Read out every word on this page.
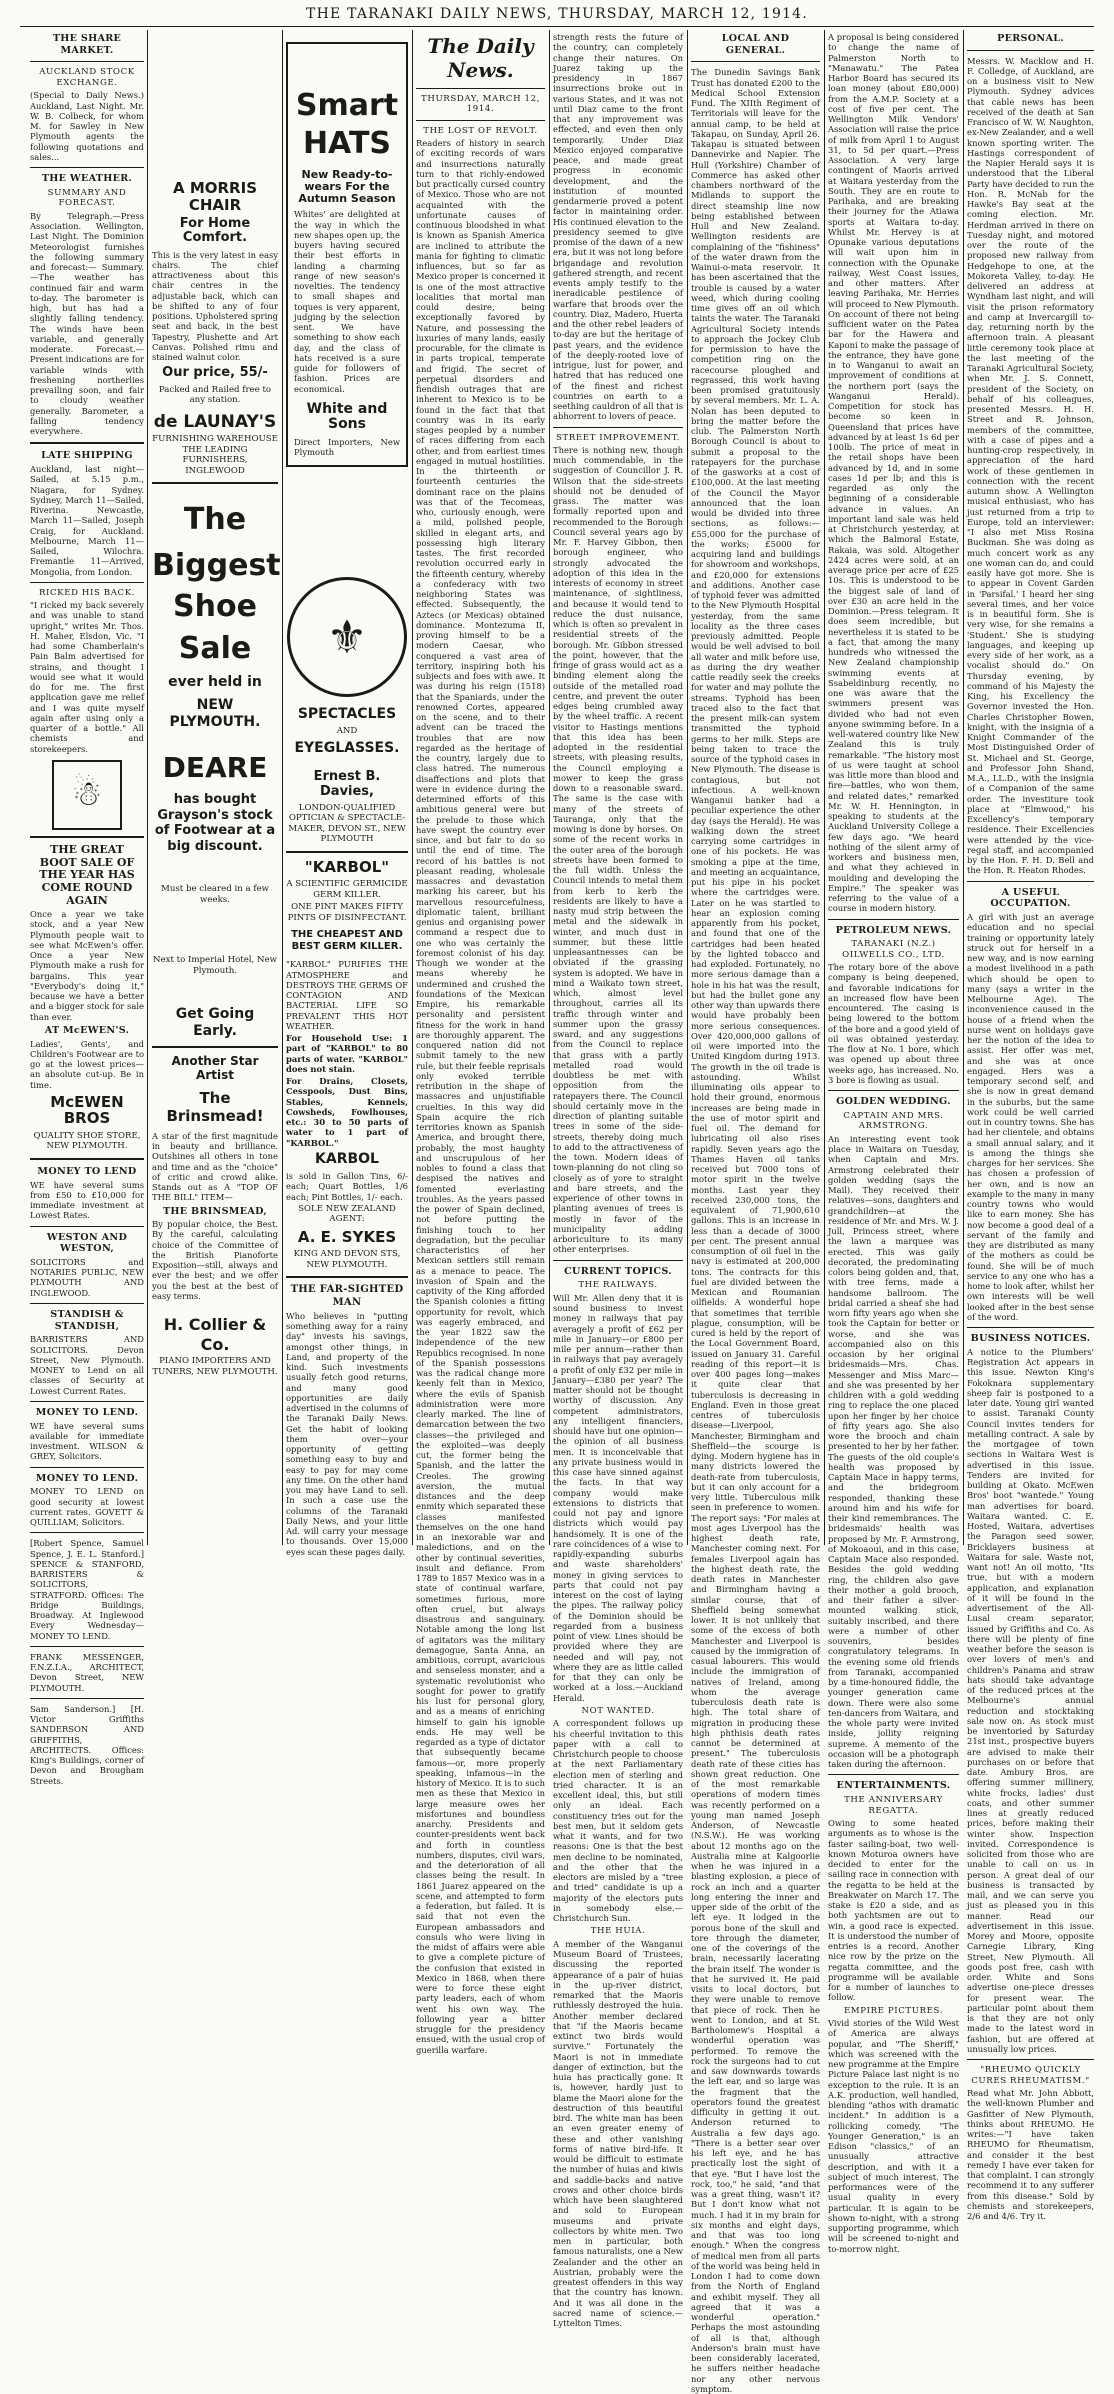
THE TARANAKI DAILY NEWS, THURSDAY, MARCH 12, 1914.
THE SHARE MARKET.
AUCKLAND STOCK EXCHANGE.

(Special to Daily News.) Auckland, Last Night. Mr. W. B. Colbeck, for whom M. for Sawley in New Plymouth agents the following quotations and sales...

THE WEATHER.
SUMMARY AND FORECAST.

By Telegraph.—Press Association. Wellington, Last Night. The Dominion Meteorologist furnishes the following summary and forecast:— Summary.—The weather has continued fair and warm to-day. The barometer is high, but has had a slightly falling tendency. The winds have been variable, and generally moderate. Forecast.—Present indications are for variable winds with freshening northerlies prevailing soon, and fair to cloudy weather generally. Barometer, a falling tendency everywhere.

LATE SHIPPING

Auckland, last night—Sailed, at 5.15 p.m., Niagara, for Sydney. Sydney, March 11—Sailed, Riverina. Newcastle, March 11—Sailed, Joseph Craig, for Auckland. Melbourne, March 11—Sailed, Wilochra. Fremantle 11—Arrived, Mongolia, from London.

RICKED HIS BACK.

"I ricked my back severely and was unable to stand upright," writes Mr. Thos. H. Maher, Elsdon, Vic. "I had some Chamberlain's Pain Balm advertised for strains, and thought I would see what it would do for me. The first application gave me relief and I was quite myself again after using only a quarter of a bottle." All chemists and storekeepers.

☃

THE GREAT BOOT SALE OF THE YEAR HAS COME ROUND AGAIN

Once a year we take stock, and a year New Plymouth people wait to see what McEwen's offer. Once a year New Plymouth make a rush for bargains. This year "Everybody's doing it," because we have a better and a bigger stock for sale than ever.

AT McEWEN'S.

Ladies', Gents', and Children's Footwear are to go at the lowest prices—an absolute cut-up. Be in time.

McEWEN BROS

QUALITY SHOE STORE, NEW PLYMOUTH.

MONEY TO LEND

WE have several sums from £50 to £10,000 for immediate investment at Lowest Rates.

WESTON AND WESTON,

SOLICITORS and NOTARIES PUBLIC, NEW PLYMOUTH AND INGLEWOOD.

STANDISH & STANDISH,

BARRISTERS AND SOLICITORS. Devon Street, New Plymouth. MONEY to Lend on all classes of Security at Lowest Current Rates.

MONEY TO LEND.

WE have several sums available for immediate investment. WILSON & GREY, Solicitors.

MONEY TO LEND.

MONEY TO LEND on good security at lowest current rates. GOVETT & QUILLIAM, Solicitors.

[Robert Spence, Samuel Spence, J. E. L. Stanford.] SPENCE & STANFORD, BARRISTERS & SOLICITORS, STRATFORD. Offices: The Bridge Buildings, Broadway. At Inglewood Every Wednesday— MONEY TO LEND.

FRANK MESSENGER, F.N.Z.I.A., ARCHITECT, Devon Street, NEW PLYMOUTH.

Sam Sanderson.] [H. Victor Griffiths SANDERSON AND GRIFFITHS, ARCHITECTS. Offices: King's Buildings, corner of Devon and Brougham Streets.

A MORRIS CHAIR

For Home Comfort.

This is the very latest in easy chairs. The chief attractiveness about this chair centres in the adjustable back, which can be shifted to any of four positions. Upholstered spring seat and back, in the best Tapestry, Plushette and Art Canvas. Polished rimu and stained walnut color.

Our price, 55/-

Packed and Railed free to any station.

de LAUNAY'S

FURNISHING WAREHOUSE THE LEADING FURNISHERS, INGLEWOOD

The

Biggest

Shoe

Sale

ever held in

NEW PLYMOUTH.

DEARE

has bought Grayson's stock of Footwear at a big discount.

Must be cleared in a few weeks.

Next to Imperial Hotel, New Plymouth.

Get Going Early.

Another Star Artist

The Brinsmead!

A star of the first magnitude in beauty and brilliance. Outshines all others in tone and time and as the "choice" of critic and crowd alike. Stands out as A "TOP OF THE BILL" ITEM—

THE BRINSMEAD,

By popular choice, the Best. By the careful, calculating choice of the Committee of the British Pianoforte Exposition—still, always and ever the best; and we offer you the best at the best of easy terms.

H. Collier & Co.

PIANO IMPORTERS AND TUNERS, NEW PLYMOUTH.

Smart

HATS

New Ready-to-wears For the Autumn Season

Whites' are delighted at the way in which the new shapes open up, the buyers having secured their best efforts in landing a charming range of new season's novelties. The tendency to small shapes and toques is very apparent, judging by the selection sent. We have something to show each day, and the class of hats received is a sure guide for followers of fashion. Prices are economical.

White and Sons

Direct Importers, New Plymouth

⚜

SPECTACLES

AND

EYEGLASSES.

Ernest B. Davies,

LONDON-QUALIFIED OPTICIAN & SPECTACLE-MAKER, DEVON ST., NEW PLYMOUTH

"KARBOL"

A SCIENTIFIC GERMICIDE GERM KILLER.

ONE PINT MAKES FIFTY PINTS OF DISINFECTANT.

THE CHEAPEST AND BEST GERM KILLER.

"KARBOL" PURIFIES THE ATMOSPHERE and DESTROYS THE GERMS OF CONTAGION AND BACTERIAL LIFE SO PREVALENT THIS HOT WEATHER.

For Household Use: 1 part of "KARBOL" to 80 parts of water. "KARBOL" does not stain.

For Drains, Closets, Cesspools, Dust Bins, Stables, Kennels, Cowsheds, Fowlhouses, etc.: 30 to 50 parts of water to 1 part of "KARBOL."

KARBOL

is sold in Gallon Tins, 6/- each; Quart Bottles, 1/6 each; Pint Bottles, 1/- each.

SOLE NEW ZEALAND AGENT:

A. E. SYKES

KING AND DEVON STS, NEW PLYMOUTH.

THE FAR-SIGHTED MAN

Who believes in "putting something away for a rainy day" invests his savings, amongst other things, in Land, and property of the kind. Such investments usually fetch good returns, and many good opportunities are daily advertised in the columns of the Taranaki Daily News. Get the habit of looking them over—your opportunity of getting something easy to buy and easy to pay for may come any time. On the other hand you may have Land to sell. In such a case use the columns of the Taranaki Daily News, and your little Ad. will carry your message to thousands. Over 15,000 eyes scan these pages daily.

The Daily News.

THURSDAY, MARCH 12, 1914.
THE LOST OF REVOLT.

Readers of history in search of exciting records of wars and insurrections naturally turn to that richly-endowed but practically cursed country of Mexico. Those who are not acquainted with the unfortunate causes of continuous bloodshed in what is known as Spanish America are inclined to attribute the mania for fighting to climatic influences, but so far as Mexico proper is concerned it is one of the most attractive localities that mortal man could desire, being exceptionally favored by Nature, and possessing the luxuries of many lands, easily procurable, for the climate is in parts tropical, temperate and frigid. The secret of perpetual disorders and fiendish outrages that are inherent to Mexico is to be found in the fact that that country was in its early stages peopled by a number of races differing from each other, and from earliest times engaged in mutual hostilities. In the thirteenth or fourteenth centuries the dominant race on the plains was that of the Tecomeas, who, curiously enough, were a mild, polished people, skilled in elegant arts, and possessing high literary tastes. The first recorded revolution occurred early in the fifteenth century, whereby a confederacy with two neighboring States was effected. Subsequently, the Aztecs (or Mexicas) obtained dominance. Montezuma II, proving himself to be a modern Caesar, who conquered a vast area of territory, inspiring both his subjects and foes with awe. It was during his reign (1518) that the Spaniards, under the renowned Cortes, appeared on the scene, and to their advent can be traced the troubles that are now regarded as the heritage of the country, largely due to class hatred. The numerous disaffections and plots that were in evidence during the determined efforts of this ambitious general were but the prelude to those which have swept the country ever since, and but fair to do so until the end of time. The record of his battles is not pleasant reading, wholesale massacres and devastation marking his career, but his marvellous resourcefulness, diplomatic talent, brilliant genius and organising power command a respect due to one who was certainly the foremost colonist of his day. Though we wonder at the means whereby he undermined and crushed the foundations of the Mexican Empire, his remarkable personality and persistent fitness for the work in hand are thoroughly apparent. The conquered nation did not submit tamely to the new rule, but their feeble reprisals only evoked terrible retribution in the shape of massacres and unjustifiable cruelties. In this way did Spain acquire the rich territories known as Spanish America, and brought there, probably, the most haughty and unscrupulous of her nobles to found a class that despised the natives and fomented everlasting troubles. As the years passed the power of Spain declined, not before putting the finishing touch to her degradation, but the peculiar characteristics of her Mexican settlers still remain as a menace to peace. The invasion of Spain and the captivity of the King afforded the Spanish colonies a fitting opportunity for revolt, which was eagerly embraced, and the year 1822 saw the independence of the new Republics recognised. In none of the Spanish possessions was the radical change more keenly felt than in Mexico, where the evils of Spanish administration were more clearly marked. The line of demarcation between the two classes—the privileged and the exploited—was deeply cut, the former being the Spanish, and the latter the Creoles. The growing aversion, the mutual distances and the deep enmity which separated these classes manifested themselves on the one hand in an inexorable war and maledictions, and on the other by continual severities, insult and defiance. From 1789 to 1857 Mexico was in a state of continual warfare, sometimes furious, more often cruel, but always disastrous and sanguinary. Notable among the long list of agitators was the military demagogue, Santa Anna, an ambitious, corrupt, avaricious and senseless monster, and a systematic revolutionist who sought for power to gratify his lust for personal glory, and as a means of enriching himself to gain his ignoble ends. He may well be regarded as a type of dictator that subsequently became famous—or, more properly speaking, infamous—in the history of Mexico. It is to such men as these that Mexico in large measure owes her misfortunes and boundless anarchy. Presidents and counter-presidents went back and forth in countless numbers, disputes, civil wars, and the deterioration of all classes being the result. In 1861 Juarez appeared on the scene, and attempted to form a federation, but failed. It is said that not even the European ambassadors and consuls who were living in the midst of affairs were able to give a complete picture of the confusion that existed in Mexico in 1868, when there were to force these eight party leaders, each of whom went his own way. The following year a bitter struggle for the presidency ensued, with the usual crop of guerilla warfare.

strength rests the future of the country, can completely change their natures. On Juarez taking up the presidency in 1867 insurrections broke out in various States, and it was not until Diaz came to the front that any improvement was effected, and even then only temporarily. Under Diaz Mexico enjoyed comparative peace, and made great progress in economic development, and the institution of mounted gendarmerie proved a potent factor in maintaining order. His continued elevation to the presidency seemed to give promise of the dawn of a new era, but it was not long before brigandage and revolution gathered strength, and recent events amply testify to the ineradicable pestilence of warfare that broods over the country. Diaz, Madero, Huerta and the other rebel leaders of to-day are but the heritage of past years, and the evidence of the deeply-rooted love of intrigue, lust for power, and hatred that has reduced one of the finest and richest countries on earth to a seething cauldron of all that is abhorrent to lovers of peace.

STREET IMPROVEMENT.

There is nothing new, though much commendable, in the suggestion of Councillor J. R. Wilson that the side-streets should not be denuded of grass. The matter was formally reported upon and recommended to the Borough Council several years ago by Mr. F. Harvey Gibbon, then borough engineer, who strongly advocated the adoption of this idea in the interests of economy in street maintenance, of sightliness, and because it would tend to reduce the dust nuisance, which is often so prevalent in residential streets of the borough. Mr. Gibbon stressed the point, however, that the fringe of grass would act as a binding element along the outside of the metalled road centre, and prevent the outer edges being crumbled away by the wheel traffic. A recent visitor to Hastings mentions that this idea has been adopted in the residential streets, with pleasing results, the Council employing a mower to keep the grass down to a reasonable sward. The same is the case with many of the streets of Tauranga, only that the mowing is done by horses. On some of the recent works in the outer area of the borough streets have been formed to the full width. Unless the Council intends to metal them from kerb to kerb the residents are likely to have a nasty mud strip between the metal and the sidewalk in winter, and much dust in summer, but these little unpleasantnesses can be obviated if the grassing system is adopted. We have in mind a Waikato town street, which, almost level throughout, carries all its traffic through winter and summer upon the grassy sward, and any suggestions from the Council to replace that grass with a partly metalled road would doubtless be met with opposition from the ratepayers there. The Council should certainly move in the direction of planting suitable trees in some of the side-streets, thereby doing much to add to the attractiveness of the town. Modern ideas of town-planning do not cling so closely as of yore to straight and bare streets, and the experience of other towns in planting avenues of trees is mostly in favor of the municipality adding arboriculture to its many other enterprises.

CURRENT TOPICS.
THE RAILWAYS.

Will Mr. Allen deny that it is sound business to invest money in railways that pay averagely a profit of £62 per mile in January—or £800 per mile per annum—rather than in railways that pay averagely a profit of only £32 per mile in January—£380 per year? The matter should not be thought worthy of discussion. Any competent administrators, any intelligent financiers, should have but one opinion—the opinion of all business men. It is inconceivable that any private business would in this case have sinned against the facts. In that way company would make extensions to districts that could not pay and ignore districts which would pay handsomely. It is one of the rare coincidences of a wise to rapidly-expanding suburbs and waste shareholders' money in giving services to parts that could not pay interest on the cost of laying the pipes. The railway policy of the Dominion should be regarded from a business point of view. Lines should be provided where they are needed and will pay, not where they are as little called for that they can only be worked at a loss.—Auckland Herald.

NOT WANTED.

A correspondent follows up his cheerful invitation to this paper with a call to Christchurch people to choose at the next Parliamentary election men of sterling and tried character. It is an excellent ideal, this, but still only an ideal. Each constituency tries out for the best men, but it seldom gets what it wants, and for two reasons: One is that the best men decline to be nominated, and the other that the electors are misled by a "tree and tried" candidate is up a majority of the electors puts in somebody else.—Christchurch Sun.

THE HUIA.

A member of the Wanganui Museum Board of Trustees, discussing the reported appearance of a pair of huias in the up-river district, remarked that the Maoris ruthlessly destroyed the huia. Another member declared that "if the Maoris became extinct two birds would survive." Fortunately the Maori is not in immediate danger of extinction, but the huia has practically gone. It is, however, hardly just to blame the Maori alone for the destruction of this beautiful bird. The white man has been an even greater enemy of these and other vanishing forms of native bird-life. It would be difficult to estimate the number of huias and kiwis and saddle-backs and native crows and other choice birds which have been slaughtered and sold to European museums and private collectors by white men. Two men in particular, both famous naturalists, one a New Zealander and the other an Austrian, probably were the greatest offenders in this way that the country has known. And it was all done in the sacred name of science.—Lyttelton Times.

LOCAL AND GENERAL.

The Dunedin Savings Bank Trust has donated £200 to the Medical School Extension Fund. The XIIth Regiment of Territorials will leave for the annual camp, to be held at Takapau, on Sunday, April 26. Takapau is situated between Dannevirke and Napier. The Hull (Yorkshire) Chamber of Commerce has asked other chambers northward of the Midlands to support the direct steamship line now being established between Hull and New Zealand. Wellington residents are complaining of the "fishiness" of the water drawn from the Wainui-o-mata reservoir. It has been ascertained that the trouble is caused by a water weed, which during cooling time gives off an oil which taints the water. The Taranaki Agricultural Society intends to approach the Jockey Club for permission to have the competition ring on the racecourse ploughed and regrassed, this work having been promised gratuitously by several members. Mr. L. A. Nolan has been deputed to bring the matter before the club. The Palmerston North Borough Council is about to submit a proposal to the ratepayers for the purchase of the gasworks at a cost of £100,000. At the last meeting of the Council the Mayor announced that the loan would be divided into three sections, as follows:— £55,000 for the purchase of the works; £5000 for acquiring land and buildings for showroom and workshops, and £20,000 for extensions and additions. Another case of typhoid fever was admitted to the New Plymouth Hospital yesterday, from the same locality as the three cases previously admitted. People would be well advised to boil all water and milk before use, as during the dry weather cattle readily seek the creeks for water and may pollute the streams. Typhoid has been traced also to the fact that the present milk-can system transmitted the typhoid germs to her milk. Steps are being taken to trace the source of the typhoid cases in New Plymouth. The disease is contagious, but not infectious. A well-known Wanganui banker had a peculiar experience the other day (says the Herald). He was walking down the street carrying some cartridges in one of his pockets. He was smoking a pipe at the time, and meeting an acquaintance, put his pipe in his pocket where the cartridges were. Later on he was startled to hear an explosion coming apparently from his pocket, and found that one of the cartridges had been heated by the lighted tobacco and had exploded. Fortunately, no more serious damage than a hole in his hat was the result, but had the bullet gone any other way than upwards there would have probably been more serious consequences. Over 420,000,000 gallons of oil were imported into the United Kingdom during 1913. The growth in the oil trade is astounding. Whilst illuminating oils appear to hold their ground, enormous increases are being made in the use of motor spirit and fuel oil. The demand for lubricating oil also rises rapidly. Seven years ago the Thames Haven oil tanks received but 7000 tons of motor spirit in the twelve months. Last year they received 230,000 tons, the equivalent of 71,900,610 gallons. This is an increase in less than a decade of 3000 per cent. The present annual consumption of oil fuel in the navy is estimated at 200,000 tons. The contracts for this fuel are divided between the Mexican and Roumanian oilfields. A wonderful hope that sometimes that terrible plague, consumption, will be cured is held by the report of the Local Government Board, issued on January 31. Careful reading of this report—it is over 400 pages long—makes it quite clear that tuberculosis is decreasing in England. Even in those great centres of tuberculosis disease—Liverpool, Manchester, Birmingham and Sheffield—the scourge is dying. Modern hygiene has in many districts lowered the death-rate from tuberculosis, but it can only account for a very little. Tuberculous milk seen in preference to women. The report says: "For males at most ages Liverpool has the highest death rate, Manchester coming next. For females Liverpool again has the highest death rate, the death rates in Manchester and Birmingham having a similar course, that of Sheffield being somewhat lower. It is not unlikely that some of the excess of both Manchester and Liverpool is caused by the immigration of casual labourers. This would include the immigration of natives of Ireland, among whom the average tuberculosis death rate is high. The total share of migration in producing these high phthisis death rates cannot be determined at present." The tuberculosis death rate of these cities has shown great reduction. One of the most remarkable operations of modern times was recently performed on a young man named Joseph Anderson, of Newcastle (N.S.W.). He was working about 12 months ago on the Australia mine at Kalgoorlie when he was injured in a blasting explosion, a piece of rock an inch and a quarter long entering the inner and upper side of the orbit of the left eye. It lodged in the porous bone of the skull and tore through the diameter, one of the coverings of the brain, necessarily lacerating the brain itself. The wonder is that he survived it. He paid visits to local doctors, but they were unable to remove that piece of rock. Then he went to London, and at St. Bartholomew's Hospital a wonderful operation was performed. To remove the rock the surgeons had to cut and saw downwards towards the left ear, and so large was the fragment that the operators found the greatest difficulty in getting it out. Anderson returned to Australia a few days ago. "There is a better sear over his left eye, and he has practically lost the sight of that eye. "But I have lost the rock, too," he said, "and that was a great thing, wasn't it? But I don't know what not much. I had it in my brain for six months and eight days, and that was too long enough." When the congress of medical men from all parts of the world was being held in London I had to come down from the North of England and exhibit myself. They all agreed that it was a wonderful operation." Perhaps the most astounding of all is that, although Anderson's brain must have been considerably lacerated, he suffers neither headache nor any other nervous symptom.

A proposal is being considered to change the name of Palmerston North to "Manawatu." The Patea Harbor Board has secured its loan money (about £80,000) from the A.M.P. Society at a cost of five per cent. The Wellington Milk Vendors' Association will raise the price of milk from April 1 to August 31, to 5d per quart.—Press Association. A very large contingent of Maoris arrived at Waitara yesterday from the South. They are en route to Parihaka, and are breaking their journey for the Atiawa sports at Waitara to-day. Whilst Mr. Hervey is at Opunake various deputations will wait upon him in connection with the Opunake railway, West Coast issues, and other matters. After leaving Parihaka, Mr. Herries will proceed to New Plymouth. On account of there not being sufficient water on the Patea bar for the Hawera and Kaponi to make the passage of the entrance, they have gone in to Wanganui to await an improvement of conditions at the northern port (says the Wanganui Herald). Competition for stock has become so keen in Queensland that prices have advanced by at least 1s 6d per 100lb. The price of meat in the retail shops have been advanced by 1d, and in some cases 1d per lb; and this is regarded as only the beginning of a considerable advance in values. An important land sale was held at Christchurch yesterday, at which the Balmoral Estate, Rakaia, was sold. Altogether 2424 acres were sold, at an average price per acre of £25 10s. This is understood to be the biggest sale of land of over £30 an acre held in the Dominion.—Press telegram. It does seem incredible, but nevertheless it is stated to be a fact, that among the many hundreds who witnessed the New Zealand championship swimming events at Ssabeldinburg recently, no one was aware that the swimmers present was divided who had not even anyone swimming before. In a well-watered country like New Zealand this is truly remarkable. "The history most of us were taught at school was little more than blood and fire—battles, who won them, and related dates," remarked Mr. W. H. Hennington, in speaking to students at the Auckland University College a few days ago. "We heard nothing of the silent army of workers and business men, and what they achieved in moulding and developing the Empire." The speaker was referring to the value of a course in modern history.

PETROLEUM NEWS.
TARANAKI (N.Z.) OILWELLS CO., LTD.

The rotary bore of the above company is being deepened, and favorable indications for an increased flow have been encountered. The casing is being lowered to the bottom of the bore and a good yield of oil was obtained yesterday. The flow at No. 1 bore, which was opened up about three weeks ago, has increased. No. 3 bore is flowing as usual.

GOLDEN WEDDING.
CAPTAIN AND MRS. ARMSTRONG.

An interesting event took place in Waitara on Tuesday, when Captain and Mrs. Armstrong celebrated their golden wedding (says the Mail). They received their relatives—sons, daughters and grandchildren—at the residence of Mr. and Mrs. W. J. Jull, Princess street, where the lawn a marquee was erected. This was gaily decorated, the predominating colors being golden and, that, with tree ferns, made a handsome ballroom. The bridal carried a sheaf she had worn fifty years ago when she took the Captain for better or worse, and she was accompanied also on this occasion by her original bridesmaids—Mrs. Chas. Messenger and Miss Marc—and she was presented by her children with a gold wedding ring to replace the one placed upon her finger by her choice of fifty years ago. She also wore the brooch and chain presented to her by her father. The guests of the old couple's health was proposed by Captain Mace in happy terms, and the bridegroom responded, thanking these around him and his wife for their kind remembrances. The bridesmaids' health was proposed by Mr. F. Armstrong, of Mokoaoui, and in this case, Captain Mace also responded. Besides the gold wedding ring, the children also gave their mother a gold brooch, and their father a silver-mounted walking stick, suitably inscribed, and there were a number of other souvenirs, besides congratulatory telegrams. In the evening some old friends from Taranaki, accompanied by a time-honoured fiddle, the younger generation came down. There were also some ten-dancers from Waitara, and the whole party were invited inside, jollity reigning supreme. A memento of the occasion will be a photograph taken during the afternoon.

ENTERTAINMENTS.
THE ANNIVERSARY REGATTA.

Owing to some heated arguments as to whose is the faster sailing-boat, two well-known Moturoa owners have decided to enter for the sailing race in connection with the regatta to be held at the Breakwater on March 17. The stake is £20 a side, and as both yachtsmen are out to win, a good race is expected. It is understood the number of entries is a record. Another nice row by the prize on the regatta committee, and the programme will be available for a number of launches to follow.

EMPIRE PICTURES.

Vivid stories of the Wild West of America are always popular, and "The Sheriff," which was screened with the new programme at the Empire Picture Palace last night is no exception to the rule. It is an A.K. production, well handled, blending "athos with dramatic incident." In addition is a rollicking comedy, "The Younger Generation," is an Edison "classics," of an unusually attractive description, and with it a subject of much interest. The performances were of the usual quality in every particular. It is again to be shown to-night, with a strong supporting programme, which will be screened to-night and to-morrow night.

PERSONAL.

Messrs. W. Macklow and H. F. Colledge, of Auckland, are on a business visit to New Plymouth. Sydney advices that cable news has been received of the death at San Francisco of W. W. Naughton, ex-New Zealander, and a well known sporting writer. The Hastings correspondent of the Napier Herald says it is understood that the Liberal Party have decided to run the Hon. R. McNab for the Hawke's Bay seat at the coming election. Mr. Herdman arrived in there on Tuesday night, and motored over the route of the proposed new railway from Hedgehope to one, at the Mokoreta Valley, to-day. He delivered an address at Wyndham last night, and will visit the prison reformatory and camp at Invercargill to-day, returning north by the afternoon train. A pleasant little ceremony took place at the last meeting of the Taranaki Agricultural Society, when Mr. J. S. Connett, president of the Society, on behalf of his colleagues, presented Messrs. H. H. Street and R. Johnson, members of the committee, with a case of pipes and a hunting-crop respectively, in appreciation of the hard work of these gentlemen in connection with the recent autumn show. A Wellington musical enthusiast, who has just returned from a trip to Europe, told an interviewer: "I also met Miss Rosina Buckman. She was doing as much concert work as any one woman can do, and could easily have got more. She is to appear in Covent Garden in 'Parsifal.' I heard her sing several times, and her voice is in beautiful form. She is very wise, for she remains a 'Student.' She is studying languages, and keeping up every side of her work, as a vocalist should do." On Thursday evening, by command of his Majesty the King, his Excellency the Governor invested the Hon. Charles Christopher Bowen, knight, with the insignia of a Knight Commander of the Most Distinguished Order of St. Michael and St. George, and Professor John Shand, M.A., LL.D., with the insignia of a Companion of the same order. The investiture took place at "Elmwood," his Excellency's temporary residence. Their Excellencies were attended by the vice-regal staff, and accompanied by the Hon. F. H. D. Bell and the Hon. R. Heaton Rhodes.

A USEFUL OCCUPATION.

A girl with just an average education and no special training or opportunity lately struck out for herself in a new way, and is now earning a modest livelihood in a path which should be open to many (says a writer in the Melbourne Age). The inconvenience caused in the house of a friend when the nurse went on holidays gave her the notion of the idea to assist. Her offer was met, and she was at once engaged. Hers was a temporary second self, and she is now in great demand in the suburbs, but the same work could be well carried out in country towns. She has had her clientele, and obtains a small annual salary, and it is among the things she charges for her services. She has chosen a profession of her own, and is now an example to the many in many country towns who would like to earn money. She has now become a good deal of a servant of the family and they are distributed as many of the mothers as could be found. She will be of much service to any one who has a home to look after, whilst her own interests will be well looked after in the best sense of the word.

BUSINESS NOTICES.

A notice to the Plumbers' Registration Act appears in this issue. Newton King's Fokoknara supplementary sheep fair is postponed to a later date. Young girl wanted to assist. Taranaki County Council invites tenders for metalling contract. A sale by the mortgagee of town sections in Waitara West is advertised in this issue. Tenders are invited for building at Okato. McEwen Bros' boot "wantede." Young man advertises for board. Waitara wanted. C. E. Hosted, Waitara, advertises the Paragon seed sower. Bricklayers business at Waitara for sale. Waste not, want not! An oil motto, "Its true, but with a modern application, and explanation of it will be found in the advertisement of the All-Lusal cream separator, issued by Griffiths and Co. As there will be plenty of fine weather before the season is over lovers of men's and children's Panama and straw hats should take advantage of the reduced prices at the Melbourne's annual reduction and stocktaking sale now on. As stock must be inventoried by Saturday 21st inst., prospective buyers are advised to make their purchases on or before that date. Ambury Bros. are offering summer millinery, white frocks, ladies' dust coats, and other summer lines at greatly reduced prices, before making their winter show. Inspection invited. Correspondence is solicited from those who are unable to call on us in person. A great deal of our business is transacted by mail, and we can serve you just as pleased you in this manner. Read our advertisement in this issue. Morey and Moore, opposite Carnegie Library, King Street, New Plymouth. All goods post free, cash with order. White and Sons advertise one-piece dresses for present wear. The particular point about them is that they are not only made to the latest word in fashion, but are offered at unusually low prices.

"RHEUMO QUICKLY CURES RHEUMATISM."

Read what Mr. John Abbott, the well-known Plumber and Gasfitter of New Plymouth, thinks about RHEUMO. He writes:—"I have taken RHEUMO for Rheumatism, and consider it the best remedy I have ever taken for that complaint. I can strongly recommend it to any sufferer from this disease." Sold by chemists and storekeepers, 2/6 and 4/6. Try it.
